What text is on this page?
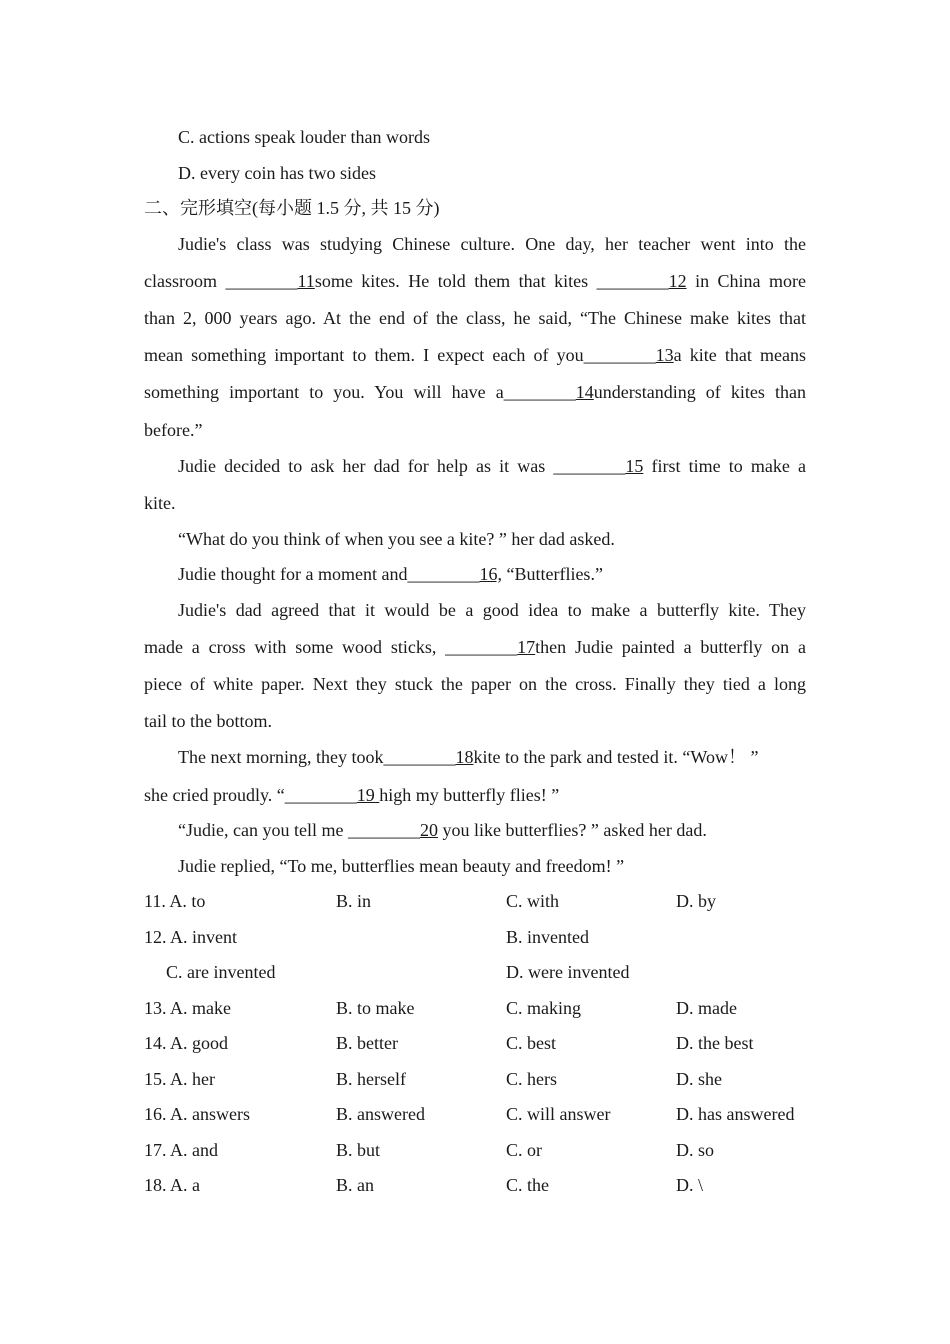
C. actions speak louder than words
D. every coin has two sides
二、完形填空(每小题 1.5 分, 共 15 分)
Judie's class was studying Chinese culture. One day, her teacher went into the
classroom ________11some kites. He told them that kites ________12 in China more
than 2, 000 years ago. At the end of the class, he said, “The Chinese make kites that
mean something important to them. I expect each of you________13a kite that means
something important to you. You will have a________14understanding of kites than
before.”
Judie decided to ask her dad for help as it was ________15 first time to make a
kite.
“What do you think of when you see a kite? ” her dad asked.
Judie thought for a moment and________16, “Butterflies.”
Judie's dad agreed that it would be a good idea to make a butterfly kite. They
made a cross with some wood sticks, ________17then Judie painted a butterfly on a
piece of white paper. Next they stuck the paper on the cross. Finally they tied a long
tail to the bottom.
The next morning, they took________18kite to the park and tested it. “Wow！ ”
she cried proudly. “________19 high my butterfly flies! ”
“Judie, can you tell me ________20 you like butterflies? ” asked her dad.
Judie replied, “To me, butterflies mean beauty and freedom! ”
11. A. to	B. in	C. with	D. by
12. A. invent	B. invented
C. are invented	D. were invented
13. A. make	B. to make	C. making	D. made
14. A. good	B. better	C. best	D. the best
15. A. her	B. herself	C. hers	D. she
16. A. answers	B. answered	C. will answer	D. has answered
17. A. and	B. but	C. or	D. so
18. A. a	B. an	C. the	D. \
